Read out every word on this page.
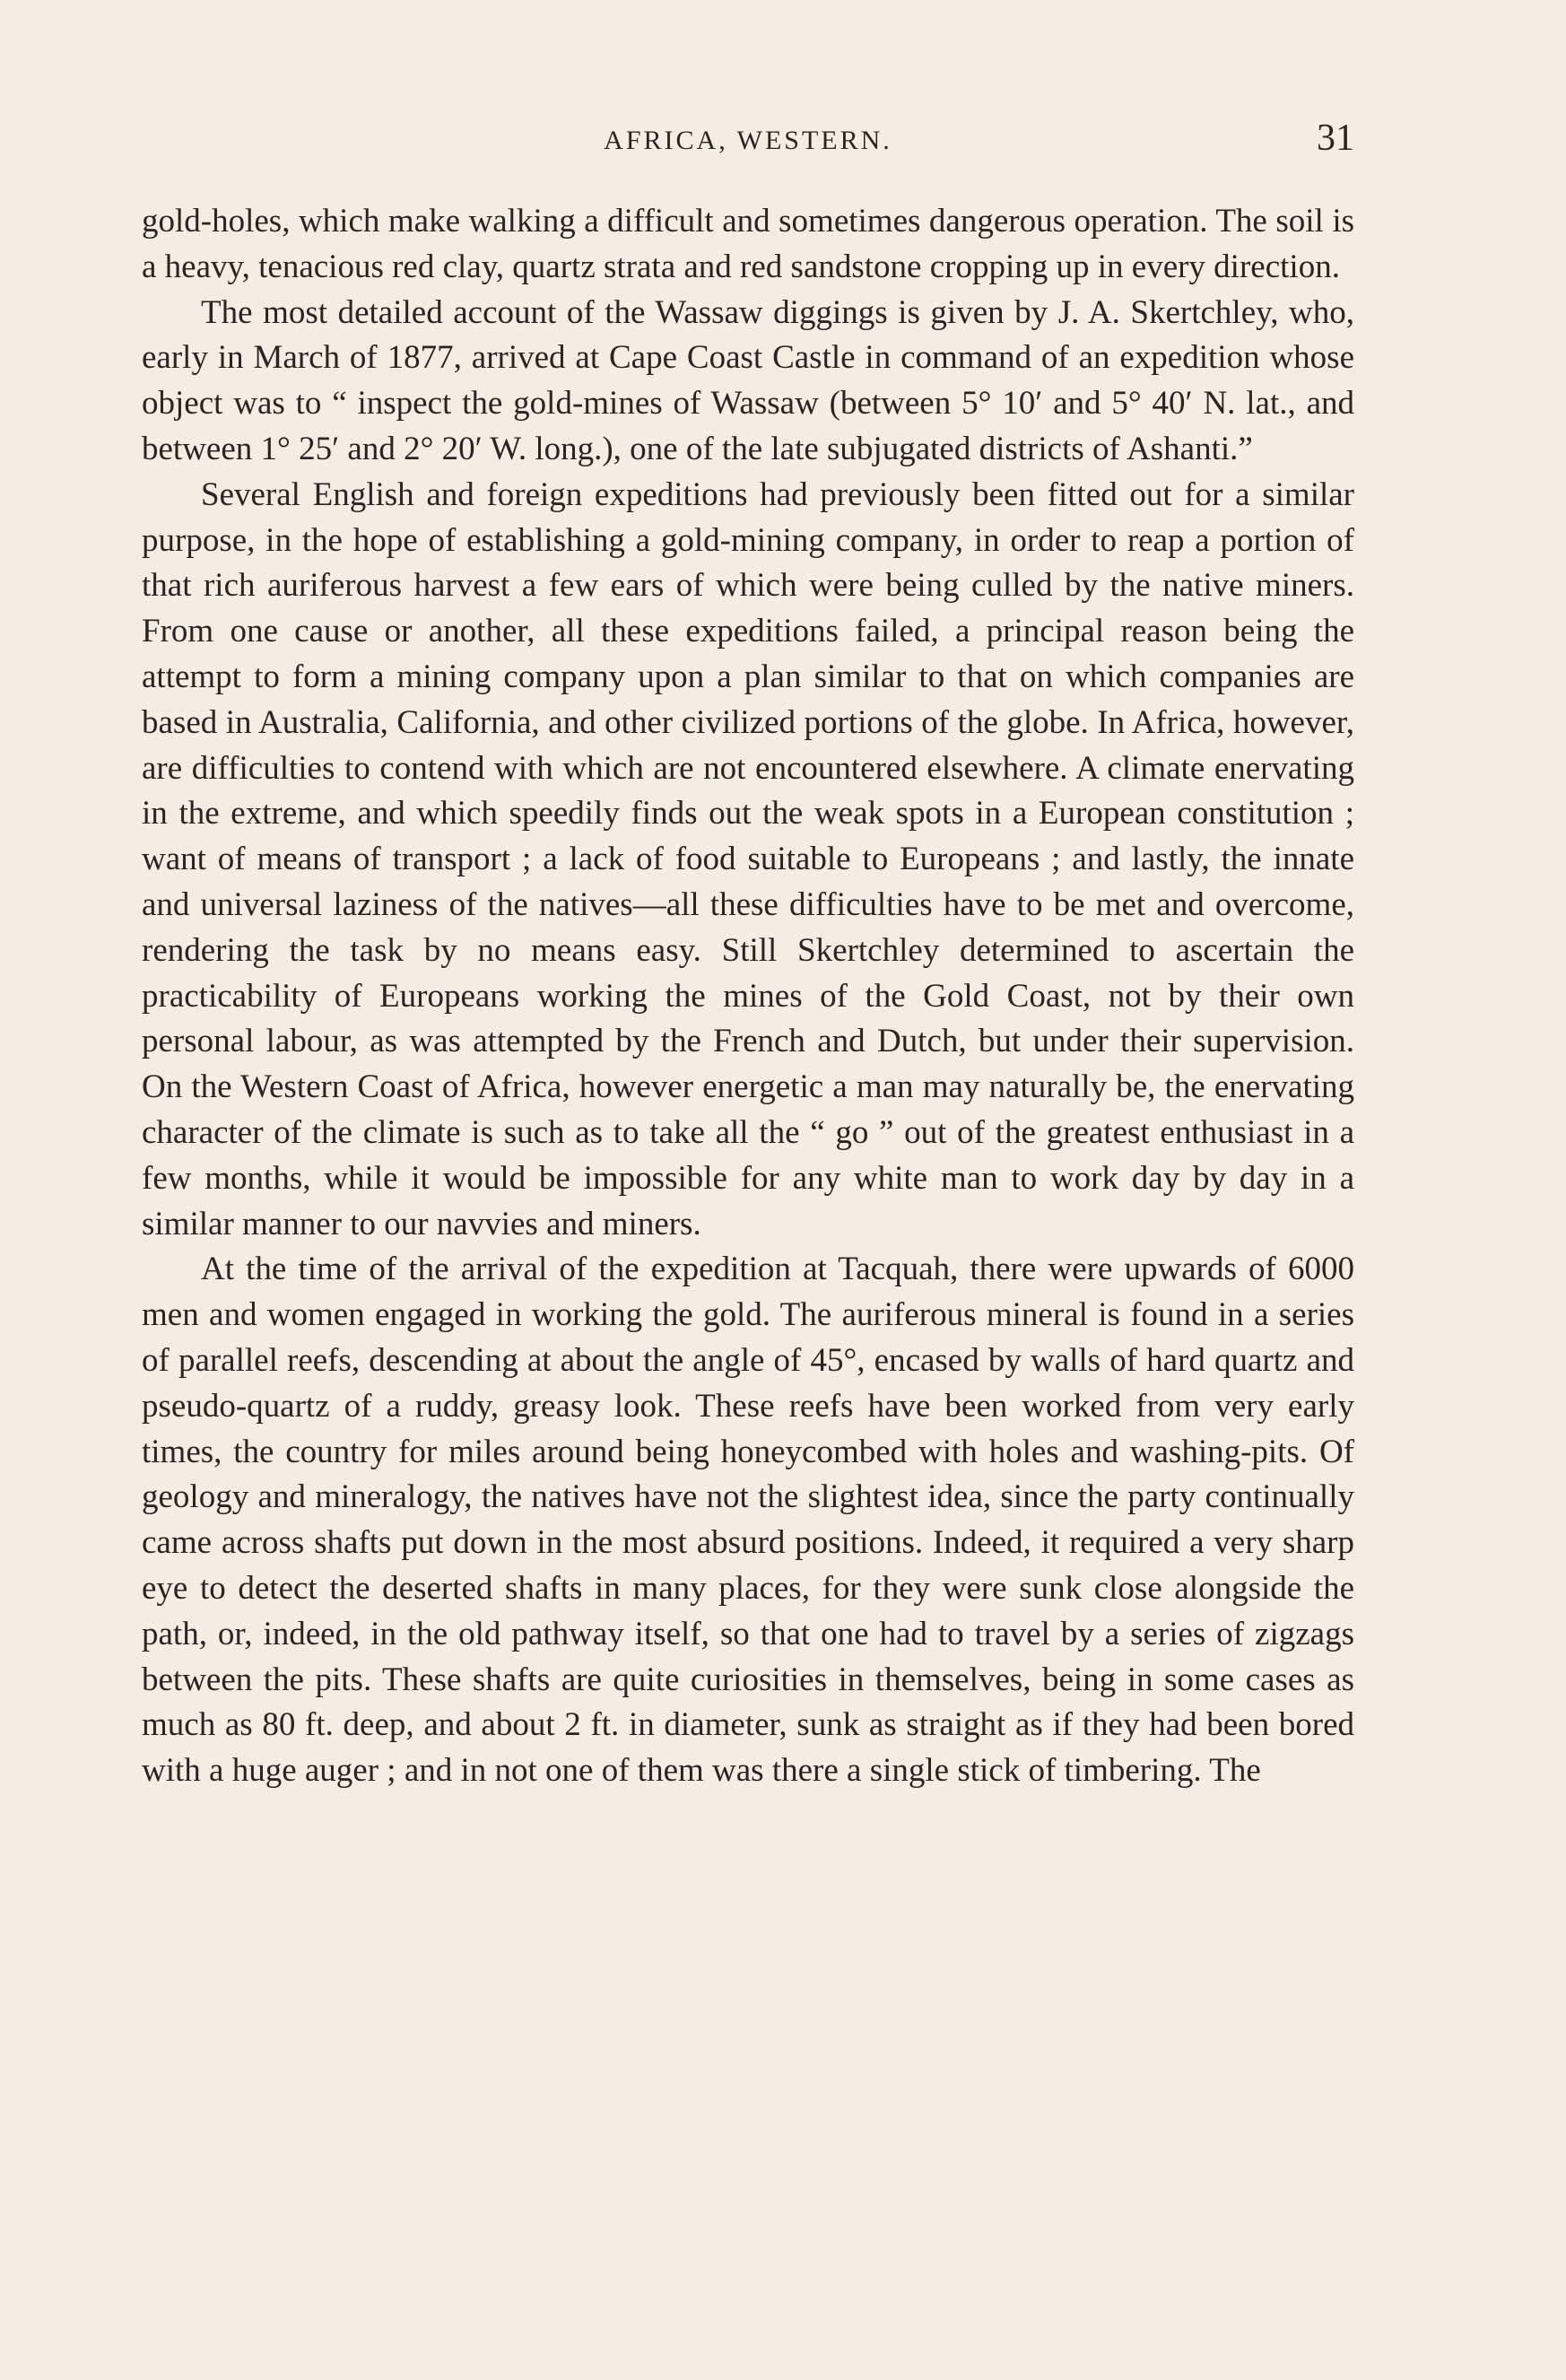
AFRICA, WESTERN.	31

gold-holes, which make walking a difficult and sometimes dangerous operation. The soil is a heavy, tenacious red clay, quartz strata and red sandstone cropping up in every direction.

The most detailed account of the Wassaw diggings is given by J. A. Skertchley, who, early in March of 1877, arrived at Cape Coast Castle in command of an expedition whose object was to “ inspect the gold-mines of Wassaw (between 5° 10′ and 5° 40′ N. lat., and between 1° 25′ and 2° 20′ W. long.), one of the late subjugated districts of Ashanti.”

Several English and foreign expeditions had previously been fitted out for a similar purpose, in the hope of establishing a gold-mining company, in order to reap a portion of that rich auriferous harvest a few ears of which were being culled by the native miners. From one cause or another, all these expeditions failed, a principal reason being the attempt to form a mining company upon a plan similar to that on which companies are based in Australia, California, and other civilized portions of the globe. In Africa, however, are difficulties to contend with which are not encountered elsewhere. A climate enervating in the extreme, and which speedily finds out the weak spots in a European constitution ; want of means of transport ; a lack of food suitable to Europeans ; and lastly, the innate and universal laziness of the natives—all these difficulties have to be met and overcome, rendering the task by no means easy. Still Skertchley determined to ascertain the practicability of Europeans working the mines of the Gold Coast, not by their own personal labour, as was attempted by the French and Dutch, but under their supervision. On the Western Coast of Africa, however energetic a man may naturally be, the enervating character of the climate is such as to take all the “ go ” out of the greatest enthusiast in a few months, while it would be impossible for any white man to work day by day in a similar manner to our navvies and miners.

At the time of the arrival of the expedition at Tacquah, there were upwards of 6000 men and women engaged in working the gold. The auriferous mineral is found in a series of parallel reefs, descending at about the angle of 45°, encased by walls of hard quartz and pseudo-quartz of a ruddy, greasy look. These reefs have been worked from very early times, the country for miles around being honeycombed with holes and washing-pits. Of geology and mineralogy, the natives have not the slightest idea, since the party continually came across shafts put down in the most absurd positions. Indeed, it required a very sharp eye to detect the deserted shafts in many places, for they were sunk close alongside the path, or, indeed, in the old pathway itself, so that one had to travel by a series of zigzags between the pits. These shafts are quite curiosities in themselves, being in some cases as much as 80 ft. deep, and about 2 ft. in diameter, sunk as straight as if they had been bored with a huge auger ; and in not one of them was there a single stick of timbering. The
